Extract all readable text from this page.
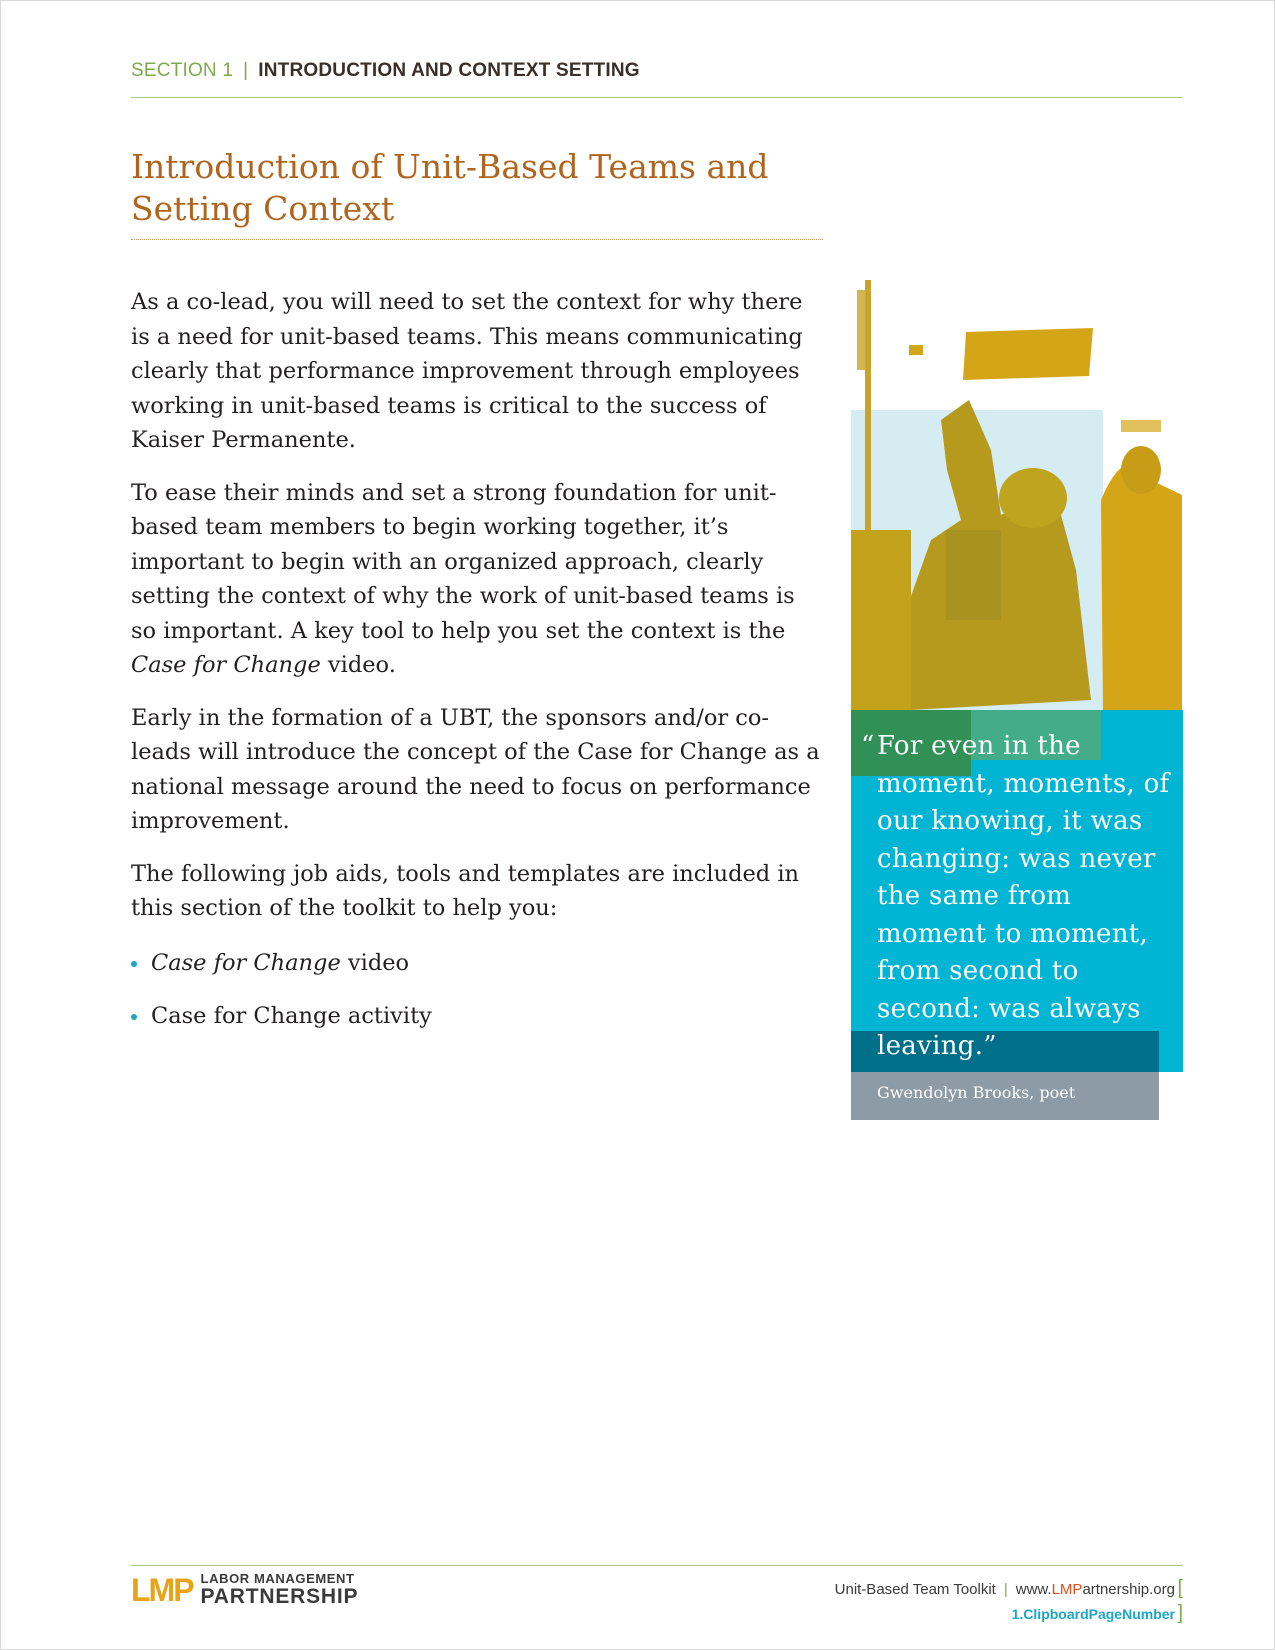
SECTION 1 | INTRODUCTION AND CONTEXT SETTING
Introduction of Unit-Based Teams and
Setting Context

As a co-lead, you will need to set the context for why there is a need for unit-based teams. This means communicating clearly that performance improvement through employees working in unit-based teams is critical to the success of Kaiser Permanente.

To ease their minds and set a strong foundation for unit-based team members to begin working together, it’s important to begin with an organized approach, clearly setting the context of why the work of unit-based teams is so important. A key tool to help you set the context is the Case for Change video.

Early in the formation of a UBT, the sponsors and/or co-leads will introduce the concept of the Case for Change as a national message around the need to focus on performance improvement.

The following job aids, tools and templates are included in this section of the toolkit to help you:

Case for Change video
Case for Change activity
“ For even in the moment, moments, of our knowing, it was changing: was never the same from moment to moment, from second to second: was always leaving.”
Gwendolyn Brooks, poet
LMP LABOR MANAGEMENT
PARTNERSHIP	Unit-Based Team Toolkit | www.LMPartnership.org [
1.ClipboardPageNumber ]
